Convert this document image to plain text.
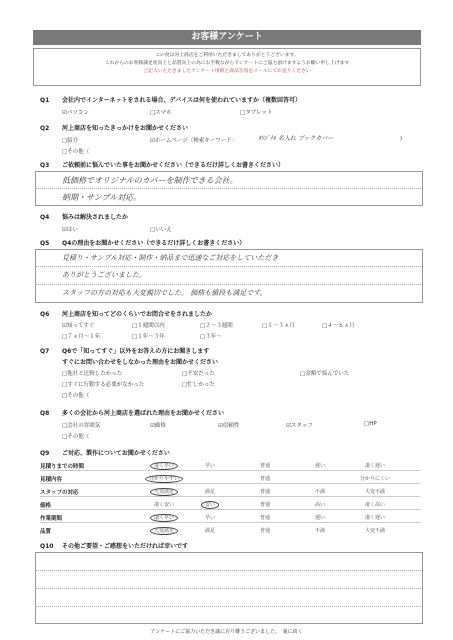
お客様アンケート
この度は河上商店をご利用いただきましてありがとうございます。
これからのお客様満足度向上と品質向上の為にお手数ながらアンケートにご協力頂けますようお願い申し上げます
ご記入いただきましたアンケート用紙と商品写真をメールにてお送りください
Q1 会社内でインターネットをされる場合、デバイスは何を使われていますか（複数回答可）
☑パソコン	□スマホ	□タブレット
Q2 河上商店を知ったきっかけをお聞かせください
□紹介	☑ホームページ（検索キーワード：	ｵﾘｼﾞﾅﾙ 名入れ ブックカバー	)
□その他（
Q3 ご依頼前に悩んでいた事をお聞かせください（できるだけ詳しくお書きください）
低価格でオリジナルのカバーを制作できる会社。
納期・サンプル対応。
Q4 悩みは解決されましたか
☑はい	□いいえ
Q5 Q4の理由をお聞かせください（できるだけ詳しくお書きください）
見積り・サンプル対応・制作・納品まで迅速なご対応をしていただき
ありがとうございました。
スタッフの方の対応も大変親切でした。 価格も値段も満足です。
Q6 河上商店を知ってどのくらいでお問合せをされましたか
☑知ってすぐ	□１週間以内	□２～３週間	□１～３ヵ月	□４～６ヵ月
□７ヵ月～１年	□１年～３年	□３年～
Q7 Q6で「知ってすぐ」以外をお答えの方にお聞きします
すぐにお問い合わせをしなかった理由をお聞かせください
□他社と比較したかった	□不安だった	□金額で悩んでいた
□すぐに行動する必要がなかった	□忙しかった
□その他（
Q8 多くの会社から河上商店を選ばれた理由をお聞かせください
□会社の雰囲気	☑価格	☑信頼性	☑スタッフ	□HP
□その他（
Q9 ご対応、製作についてお聞かせください
見積りまでの時間	凄く早い	早い	普通	遅い	凄く遅い
見積内容	分かりやすい	普通	分かりにくい
スタッフの対応	大変満足	満足	普通	不満	大変不満
価格	凄く安い	安い	普通	高い	凄く高い
作業期間	凄く早い	早い	普通	遅い	凄く遅い
品質	大変満足	満足	普通	不満	大変不満
Q10 その他ご要望・ご感想をいただければ幸いです
アンケートにご協力いただき誠に有り難うございました。　裏に続く
